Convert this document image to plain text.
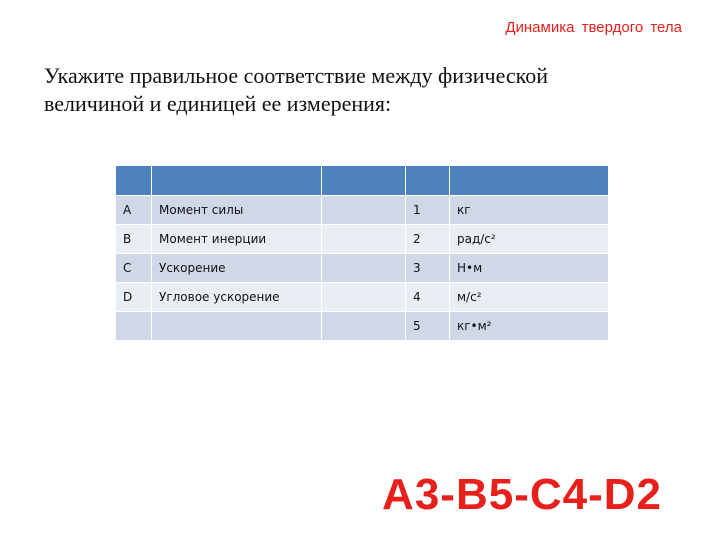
Динамика твердого тела
Укажите правильное соответствие между физической величиной и единицей ее измерения:

A	Момент силы		1	кг
B	Момент инерции		2	рад/с²
C	Ускорение		3	Н•м
D	Угловое ускорение		4	м/с²
			5	кг•м²
A3-B5-C4-D2
